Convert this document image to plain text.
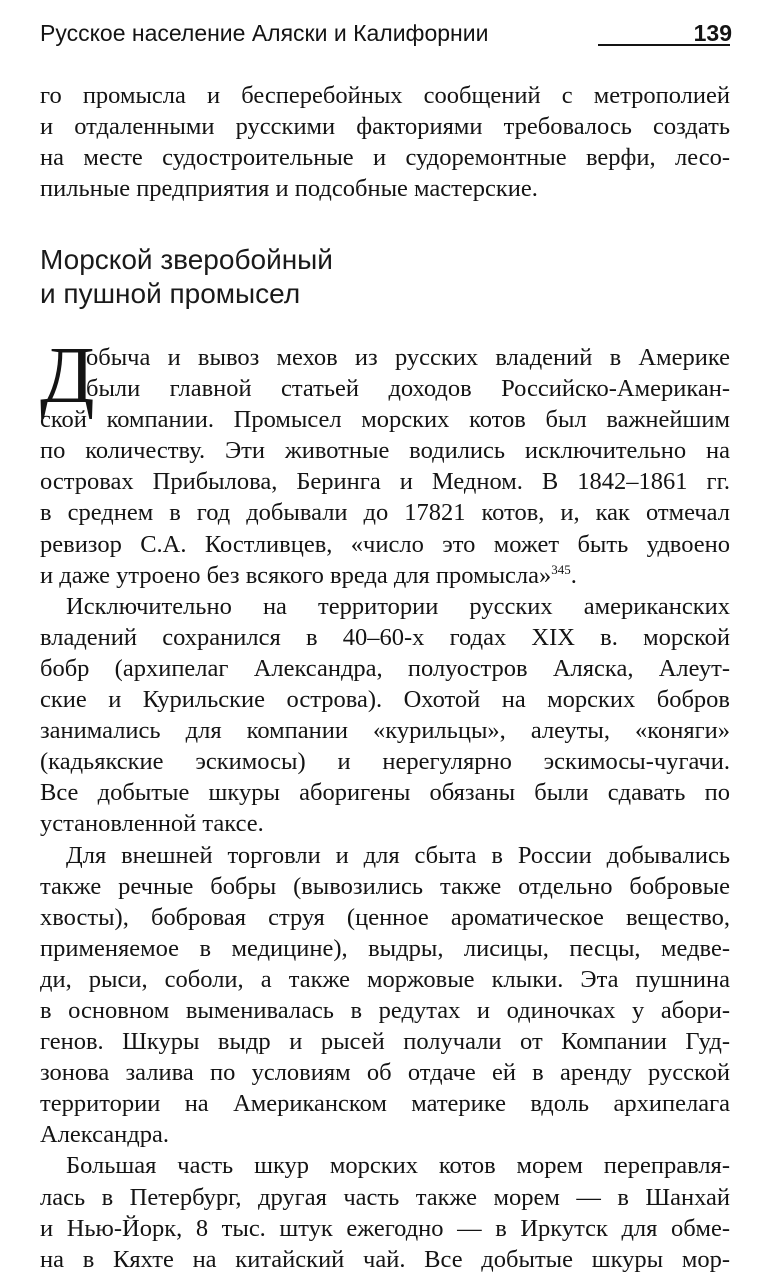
Русское население Аляски и Калифорнии	139
го промысла и бесперебойных сообщений с метрополией
и отдаленными русскими факториями требовалось создать
на месте судостроительные и судоремонтные верфи, лесо-
пильные предприятия и подсобные мастерские.
Морской зверобойный
и пушной промысел
Д
обыча и вывоз мехов из русских владений в Америке
были главной статьей доходов Российско-Американ-
ской компании. Промысел морских котов был важнейшим
по количеству. Эти животные водились исключительно на
островах Прибылова, Беринга и Медном. В 1842–1861 гг.
в среднем в год добывали до 17821 котов, и, как отмечал
ревизор С.А. Костливцев, «число это может быть удвоено
и даже утроено без всякого вреда для промысла»$^{345}$.
Исключительно на территории русских американских
владений сохранился в 40–60-х годах XIX в. морской
бобр (архипелаг Александра, полуостров Аляска, Алеут-
ские и Курильские острова). Охотой на морских бобров
занимались для компании «курильцы», алеуты, «коняги»
(кадьякские эскимосы) и нерегулярно эскимосы-чугачи.
Все добытые шкуры аборигены обязаны были сдавать по
установленной таксе.
Для внешней торговли и для сбыта в России добывались
также речные бобры (вывозились также отдельно бобровые
хвосты), бобровая струя (ценное ароматическое вещество,
применяемое в медицине), выдры, лисицы, песцы, медве-
ди, рыси, соболи, а также моржовые клыки. Эта пушнина
в основном выменивалась в редутах и одиночках у абори-
генов. Шкуры выдр и рысей получали от Компании Гуд-
зонова залива по условиям об отдаче ей в аренду русской
территории на Американском материке вдоль архипелага
Александра.
Большая часть шкур морских котов морем переправля-
лась в Петербург, другая часть также морем — в Шанхай
и Нью-Йорк, 8 тыс. штук ежегодно — в Иркутск для обме-
на в Кяхте на китайский чай. Все добытые шкуры мор-
